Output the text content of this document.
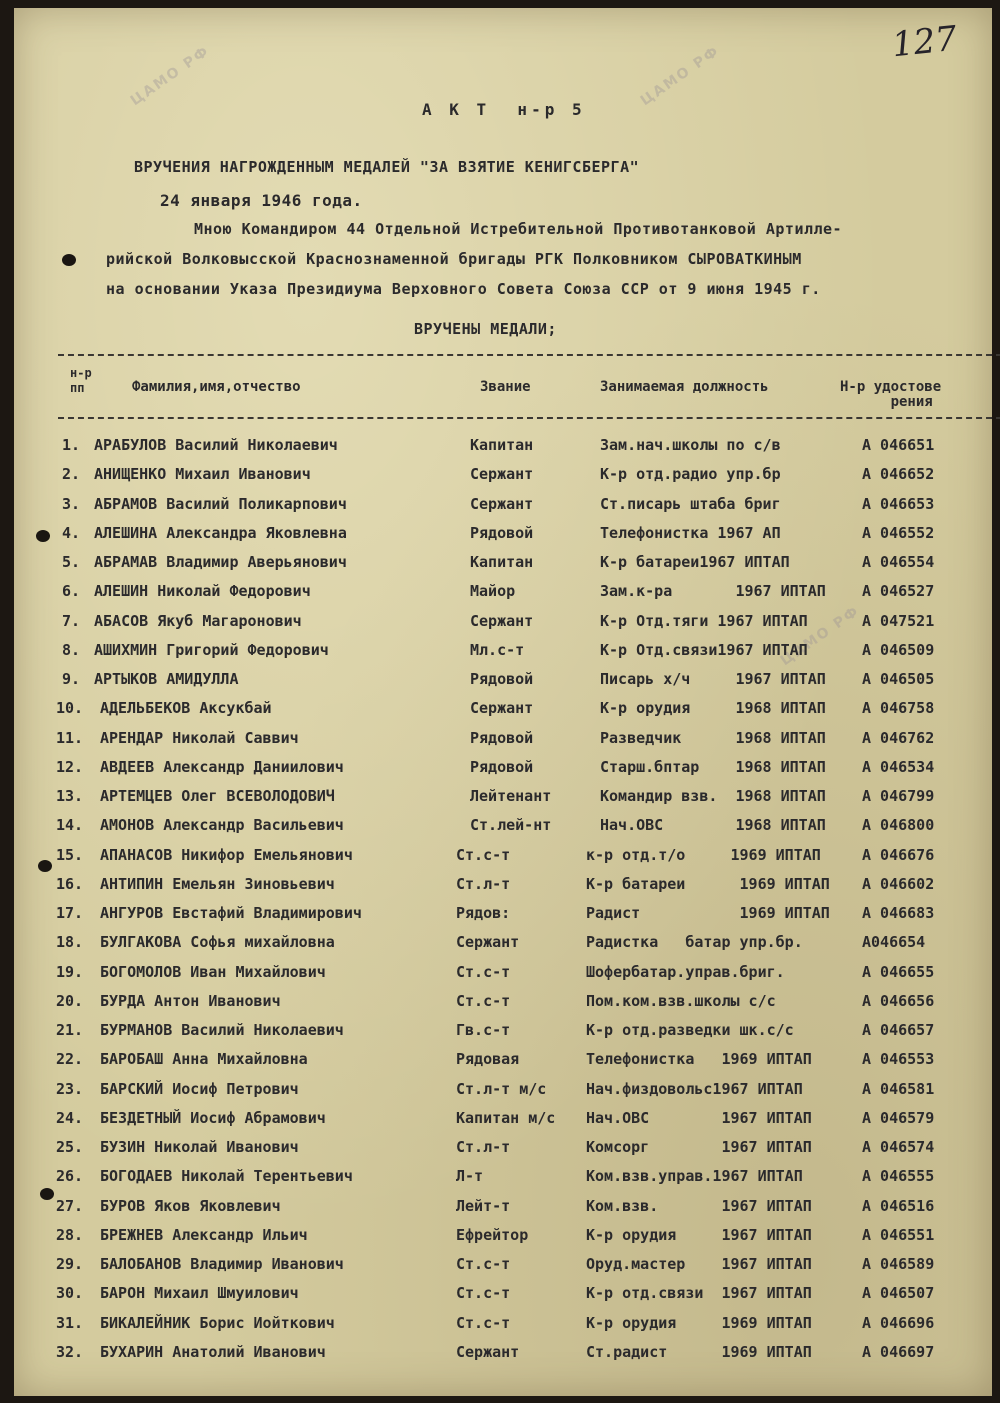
127
ЦАМО РФ	ЦАМО РФ
ЦАМО РФ
А К Т  н-р 5
ВРУЧЕНИЯ НАГРОЖДЕННЫМ МЕДАЛЕЙ "ЗА ВЗЯТИЕ КЕНИГСБЕРГА"
24 января 1946 года.
Мною Командиром 44 Отдельной Истребительной Противотанковой Артилле-
рийской Волковысской Краснознаменной бригады РГК Полковником СЫРОВАТКИНЫМ
на основании Указа Президиума Верховного Совета Союза ССР от 9 июня 1945 г.
ВРУЧЕНЫ МЕДАЛИ;
н-р
пп	Фамилия,имя,отчество	Звание	Занимаемая должность	Н-р удостове
рения
1. АРАБУЛОВ Василий Николаевич	Капитан	Зам.нач.школы по с/в	А 046651
2. АНИЩЕНКО Михаил Иванович	Сержант	К-р отд.радио упр.бр	А 046652
3. АБРАМОВ Василий Поликарпович	Сержант	Ст.писарь штаба бриг	А 046653
4. АЛЕШИНА Александра Яковлевна	Рядовой	Телефонистка 1967 АП	А 046552
5. АБРАМАВ Владимир Аверьянович	Капитан	К-р батареи1967 ИПТАП	А 046554
6. АЛЕШИН Николай Федорович	Майор	Зам.к-ра       1967 ИПТАП А 046527
7. АБАСОВ Якуб Магаронович	Сержант	К-р Отд.тяги 1967 ИПТАП	А 047521
8. АШИХМИН Григорий Федорович	Мл.с-т	К-р Отд.связи1967 ИПТАП	А 046509
9. АРТЫКОВ АМИДУЛЛА	Рядовой	Писарь х/ч     1967 ИПТАП А 046505
10. АДЕЛЬБЕКОВ Аксукбай	Сержант	К-р орудия     1968 ИПТАП А 046758
11. АРЕНДАР Николай Саввич	Рядовой	Разведчик      1968 ИПТАП А 046762
12. АВДЕЕВ Александр Даниилович	Рядовой	Старш.бптар    1968 ИПТАП А 046534
13. АРТЕМЦЕВ Олег ВСЕВОЛОДОВИЧ	Лейтенант	Командир взв.  1968 ИПТАП А 046799
14. АМОНОВ Александр Васильевич	Ст.лей-нт	Нач.ОВС        1968 ИПТАП А 046800
15. АПАНАСОВ Никифор Емельянович	Ст.с-т	к-р отд.т/о     1969 ИПТАП	А 046676
16. АНТИПИН Емельян Зиновьевич	Ст.л-т	К-р батареи      1969 ИПТАП А 046602
17. АНГУРОВ Евстафий Владимирович	Рядов:	Радист           1969 ИПТАП А 046683
18. БУЛГАКОВА Софья михайловна	Сержант	Радистка   батар упр.бр.	А046654
19. БОГОМОЛОВ Иван Михайлович	Ст.с-т	Шофербатар.управ.бриг.	А 046655
20. БУРДА Антон Иванович	Ст.с-т	Пом.ком.взв.школы с/с	А 046656
21. БУРМАНОВ Василий Николаевич	Гв.с-т	К-р отд.разведки шк.с/с	А 046657
22. БАРОБАШ Анна Михайловна	Рядовая	Телефонистка   1969 ИПТАП	А 046553
23. БАРСКИЙ Иосиф Петрович	Ст.л-т м/с	Нач.физдовольс1967 ИПТАП	А 046581
24. БЕЗДЕТНЫЙ Иосиф Абрамович	Капитан м/с Нач.ОВС        1967 ИПТАП	А 046579
25. БУЗИН Николай Иванович	Ст.л-т	Комсорг        1967 ИПТАП	А 046574
26. БОГОДАЕВ Николай Терентьевич	Л-т	Ком.взв.управ.1967 ИПТАП	А 046555
27. БУРОВ Яков Яковлевич	Лейт-т	Ком.взв.       1967 ИПТАП	А 046516
28. БРЕЖНЕВ Александр Ильич	Ефрейтор	К-р орудия     1967 ИПТАП	А 046551
29. БАЛОБАНОВ Владимир Иванович	Ст.с-т	Оруд.мастер    1967 ИПТАП	А 046589
30. БАРОН Михаил Шмуилович	Ст.с-т	К-р отд.связи  1967 ИПТАП	А 046507
31. БИКАЛЕЙНИК Борис Иойткович	Ст.с-т	К-р орудия     1969 ИПТАП	А 046696
32. БУХАРИН Анатолий Иванович	Сержант	Ст.радист      1969 ИПТАП	А 046697
